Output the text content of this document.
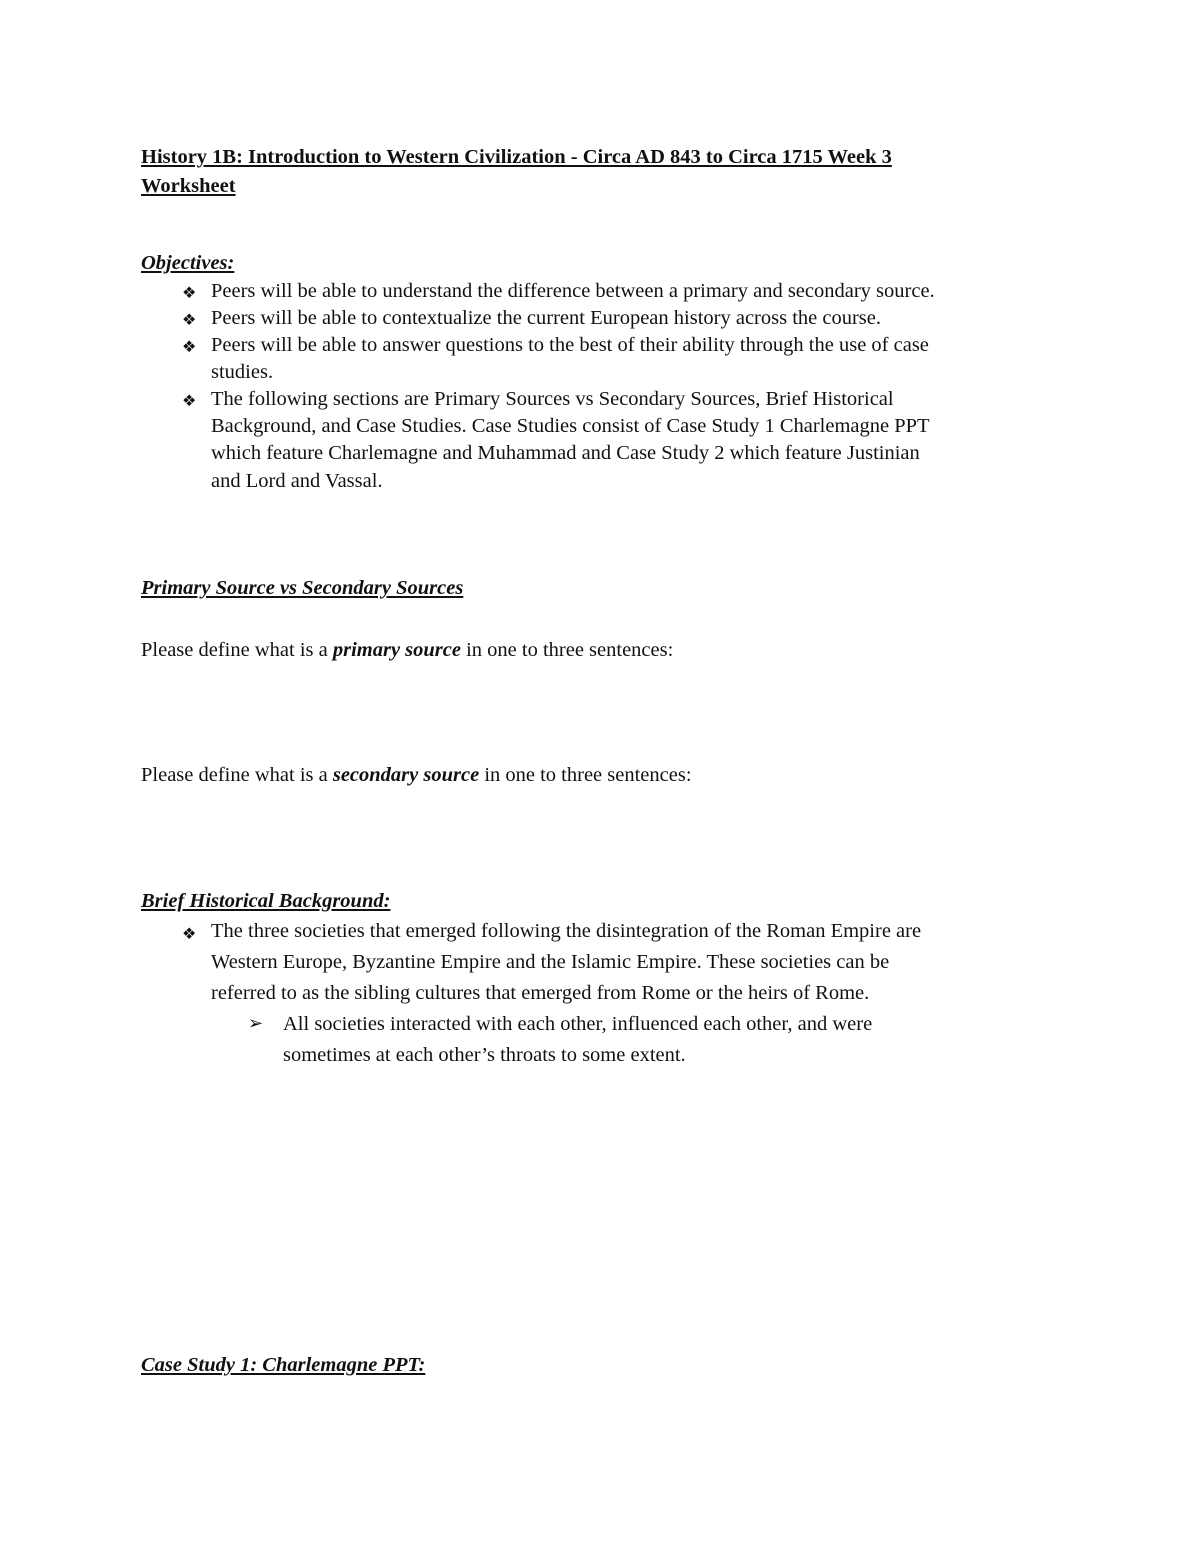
History 1B: Introduction to Western Civilization - Circa AD 843 to Circa 1715 Week 3
Worksheet
Objectives:
❖ Peers will be able to understand the difference between a primary and secondary source.
❖ Peers will be able to contextualize the current European history across the course.
❖ Peers will be able to answer questions to the best of their ability through the use of case
studies.
❖ The following sections are Primary Sources vs Secondary Sources, Brief Historical
Background, and Case Studies. Case Studies consist of Case Study 1 Charlemagne PPT
which feature Charlemagne and Muhammad and Case Study 2 which feature Justinian
and Lord and Vassal.
Primary Source vs Secondary Sources
Please define what is a primary source in one to three sentences:
Please define what is a secondary source in one to three sentences:
Brief Historical Background:
❖ The three societies that emerged following the disintegration of the Roman Empire are
Western Europe, Byzantine Empire and the Islamic Empire. These societies can be
referred to as the sibling cultures that emerged from Rome or the heirs of Rome.
➢ All societies interacted with each other, influenced each other, and were
sometimes at each other’s throats to some extent.
Case Study 1: Charlemagne PPT:
